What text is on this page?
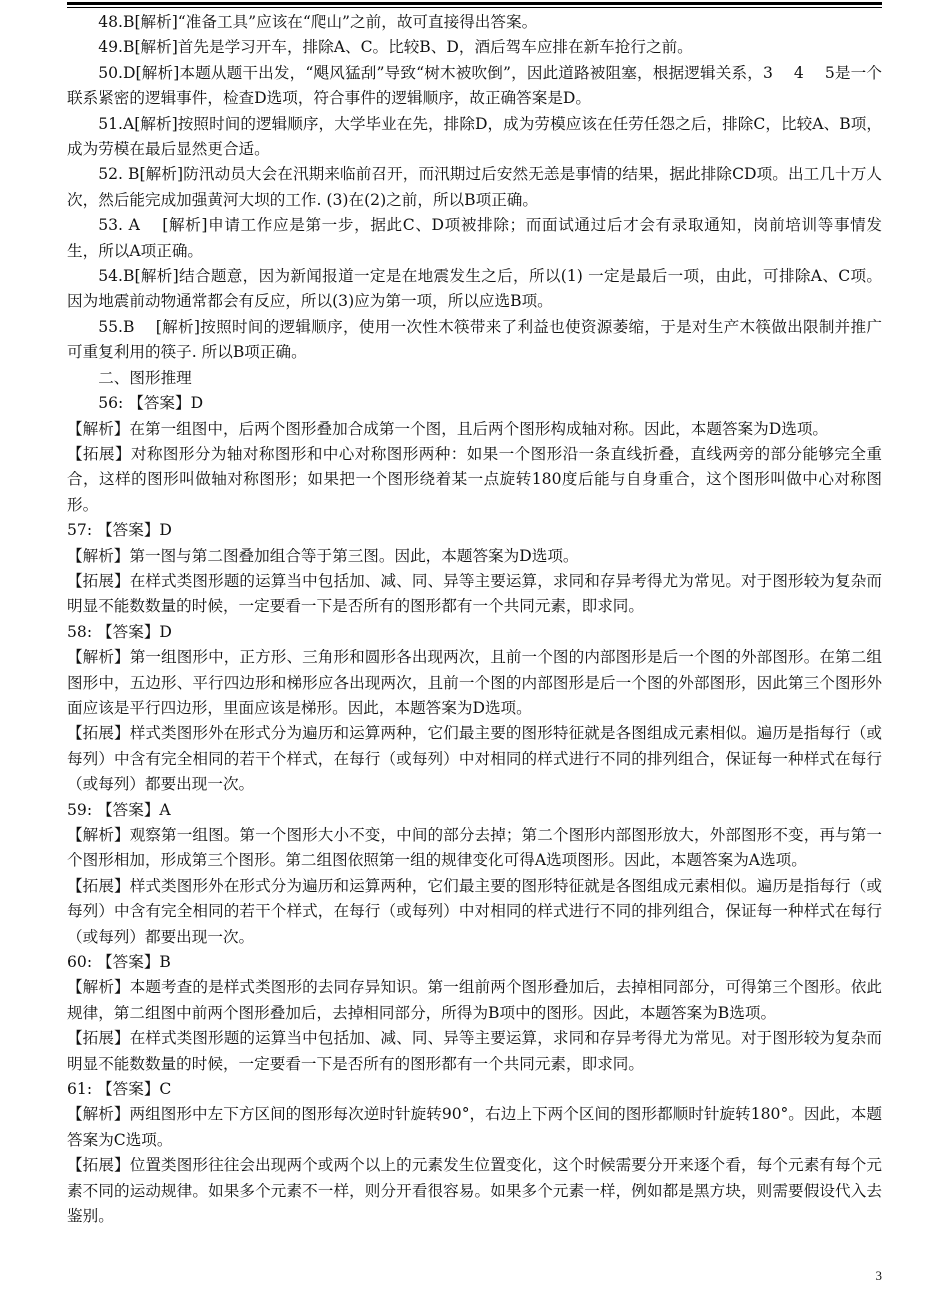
48.B[解析]“准备工具”应该在“爬山”之前，故可直接得出答案。

49.B[解析]首先是学习开车，排除A、C。比较B、D，酒后驾车应排在新车抢行之前。

50.D[解析]本题从题干出发，“飓风猛刮”导致“树木被吹倒”，因此道路被阻塞，根据逻辑关系，3　 4　 5是一个联系紧密的逻辑事件，检查D选项，符合事件的逻辑顺序，故正确答案是D。

51.A[解析]按照时间的逻辑顺序，大学毕业在先，排除D，成为劳模应该在任劳任怨之后，排除C，比较A、B项，成为劳模在最后显然更合适。

52. B[解析]防汛动员大会在汛期来临前召开，而汛期过后安然无恙是事情的结果，据此排除CD项。出工几十万人次，然后能完成加强黄河大坝的工作. (3)在(2)之前，所以B项正确。

53. A　 [解析]申请工作应是第一步，据此C、D项被排除；而面试通过后才会有录取通知，岗前培训等事情发生，所以A项正确。

54.B[解析]结合题意，因为新闻报道一定是在地震发生之后，所以(1) 一定是最后一项，由此，可排除A、C项。因为地震前动物通常都会有反应，所以(3)应为第一项，所以应选B项。

55.B　 [解析]按照时间的逻辑顺序，使用一次性木筷带来了利益也使资源萎缩，于是对生产木筷做出限制并推广可重复利用的筷子. 所以B项正确。

二、图形推理

56: 【答案】D

【解析】在第一组图中，后两个图形叠加合成第一个图，且后两个图形构成轴对称。因此，本题答案为D选项。

【拓展】对称图形分为轴对称图形和中心对称图形两种：如果一个图形沿一条直线折叠，直线两旁的部分能够完全重合，这样的图形叫做轴对称图形；如果把一个图形绕着某一点旋转180度后能与自身重合，这个图形叫做中心对称图形。

57: 【答案】D

【解析】第一图与第二图叠加组合等于第三图。因此，本题答案为D选项。

【拓展】在样式类图形题的运算当中包括加、减、同、异等主要运算，求同和存异考得尤为常见。对于图形较为复杂而明显不能数数量的时候，一定要看一下是否所有的图形都有一个共同元素，即求同。

58: 【答案】D

【解析】第一组图形中，正方形、三角形和圆形各出现两次，且前一个图的内部图形是后一个图的外部图形。在第二组图形中，五边形、平行四边形和梯形应各出现两次，且前一个图的内部图形是后一个图的外部图形，因此第三个图形外面应该是平行四边形，里面应该是梯形。因此，本题答案为D选项。

【拓展】样式类图形外在形式分为遍历和运算两种，它们最主要的图形特征就是各图组成元素相似。遍历是指每行（或每列）中含有完全相同的若干个样式，在每行（或每列）中对相同的样式进行不同的排列组合，保证每一种样式在每行（或每列）都要出现一次。

59: 【答案】A

【解析】观察第一组图。第一个图形大小不变，中间的部分去掉；第二个图形内部图形放大，外部图形不变，再与第一个图形相加，形成第三个图形。第二组图依照第一组的规律变化可得A选项图形。因此，本题答案为A选项。

【拓展】样式类图形外在形式分为遍历和运算两种，它们最主要的图形特征就是各图组成元素相似。遍历是指每行（或每列）中含有完全相同的若干个样式，在每行（或每列）中对相同的样式进行不同的排列组合，保证每一种样式在每行（或每列）都要出现一次。

60: 【答案】B

【解析】本题考查的是样式类图形的去同存异知识。第一组前两个图形叠加后，去掉相同部分，可得第三个图形。依此规律，第二组图中前两个图形叠加后，去掉相同部分，所得为B项中的图形。因此，本题答案为B选项。

【拓展】在样式类图形题的运算当中包括加、减、同、异等主要运算，求同和存异考得尤为常见。对于图形较为复杂而明显不能数数量的时候，一定要看一下是否所有的图形都有一个共同元素，即求同。

61: 【答案】C

【解析】两组图形中左下方区间的图形每次逆时针旋转90°，右边上下两个区间的图形都顺时针旋转180°。因此，本题答案为C选项。

【拓展】位置类图形往往会出现两个或两个以上的元素发生位置变化，这个时候需要分开来逐个看，每个元素有每个元素不同的运动规律。如果多个元素不一样，则分开看很容易。如果多个元素一样，例如都是黑方块，则需要假设代入去鉴别。

3
